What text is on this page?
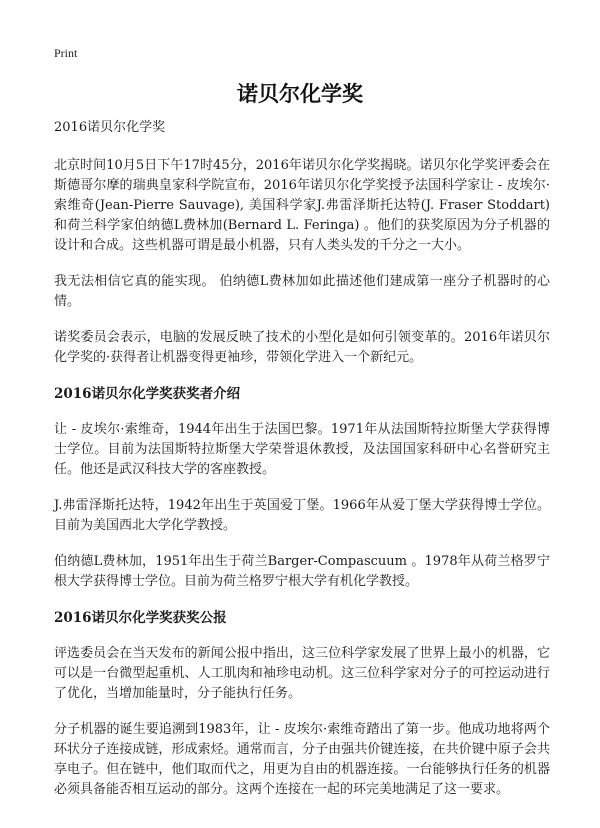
Print
诺贝尔化学奖

2016诺贝尔化学奖

北京时间10月5日下午17时45分，2016年诺贝尔化学奖揭晓。诺贝尔化学奖评委会在斯德哥尔摩的瑞典皇家科学院宣布，2016年诺贝尔化学奖授予法国科学家让 - 皮埃尔·索维奇(Jean-Pierre Sauvage), 美国科学家J.弗雷泽斯托达特(J. Fraser Stoddart)和荷兰科学家伯纳德L费林加(Bernard L. Feringa) 。他们的获奖原因为分子机器的设计和合成。这些机器可谓是最小机器，只有人类头发的千分之一大小。

我无法相信它真的能实现。 伯纳德L费林加如此描述他们建成第一座分子机器时的心情。

诺奖委员会表示，电脑的发展反映了技术的小型化是如何引领变革的。2016年诺贝尔化学奖的·获得者让机器变得更袖珍，带领化学进入一个新纪元。

2016诺贝尔化学奖获奖者介绍

让 - 皮埃尔·索维奇，1944年出生于法国巴黎。1971年从法国斯特拉斯堡大学获得博士学位。目前为法国斯特拉斯堡大学荣誉退休教授，及法国国家科研中心名誉研究主任。他还是武汉科技大学的客座教授。

J.弗雷泽斯托达特，1942年出生于英国爱丁堡。1966年从爱丁堡大学获得博士学位。目前为美国西北大学化学教授。

伯纳德L费林加，1951年出生于荷兰Barger-Compascuum 。1978年从荷兰格罗宁根大学获得博士学位。目前为荷兰格罗宁根大学有机化学教授。

2016诺贝尔化学奖获奖公报

评选委员会在当天发布的新闻公报中指出，这三位科学家发展了世界上最小的机器，它可以是一台微型起重机、人工肌肉和袖珍电动机。这三位科学家对分子的可控运动进行了优化，当增加能量时，分子能执行任务。

分子机器的诞生要追溯到1983年，让 - 皮埃尔·索维奇踏出了第一步。他成功地将两个环状分子连接成链，形成索烃。通常而言，分子由强共价键连接，在共价键中原子会共享电子。但在链中，他们取而代之，用更为自由的机器连接。一台能够执行任务的机器必须具备能否相互运动的部分。这两个连接在一起的环完美地满足了这一要求。
